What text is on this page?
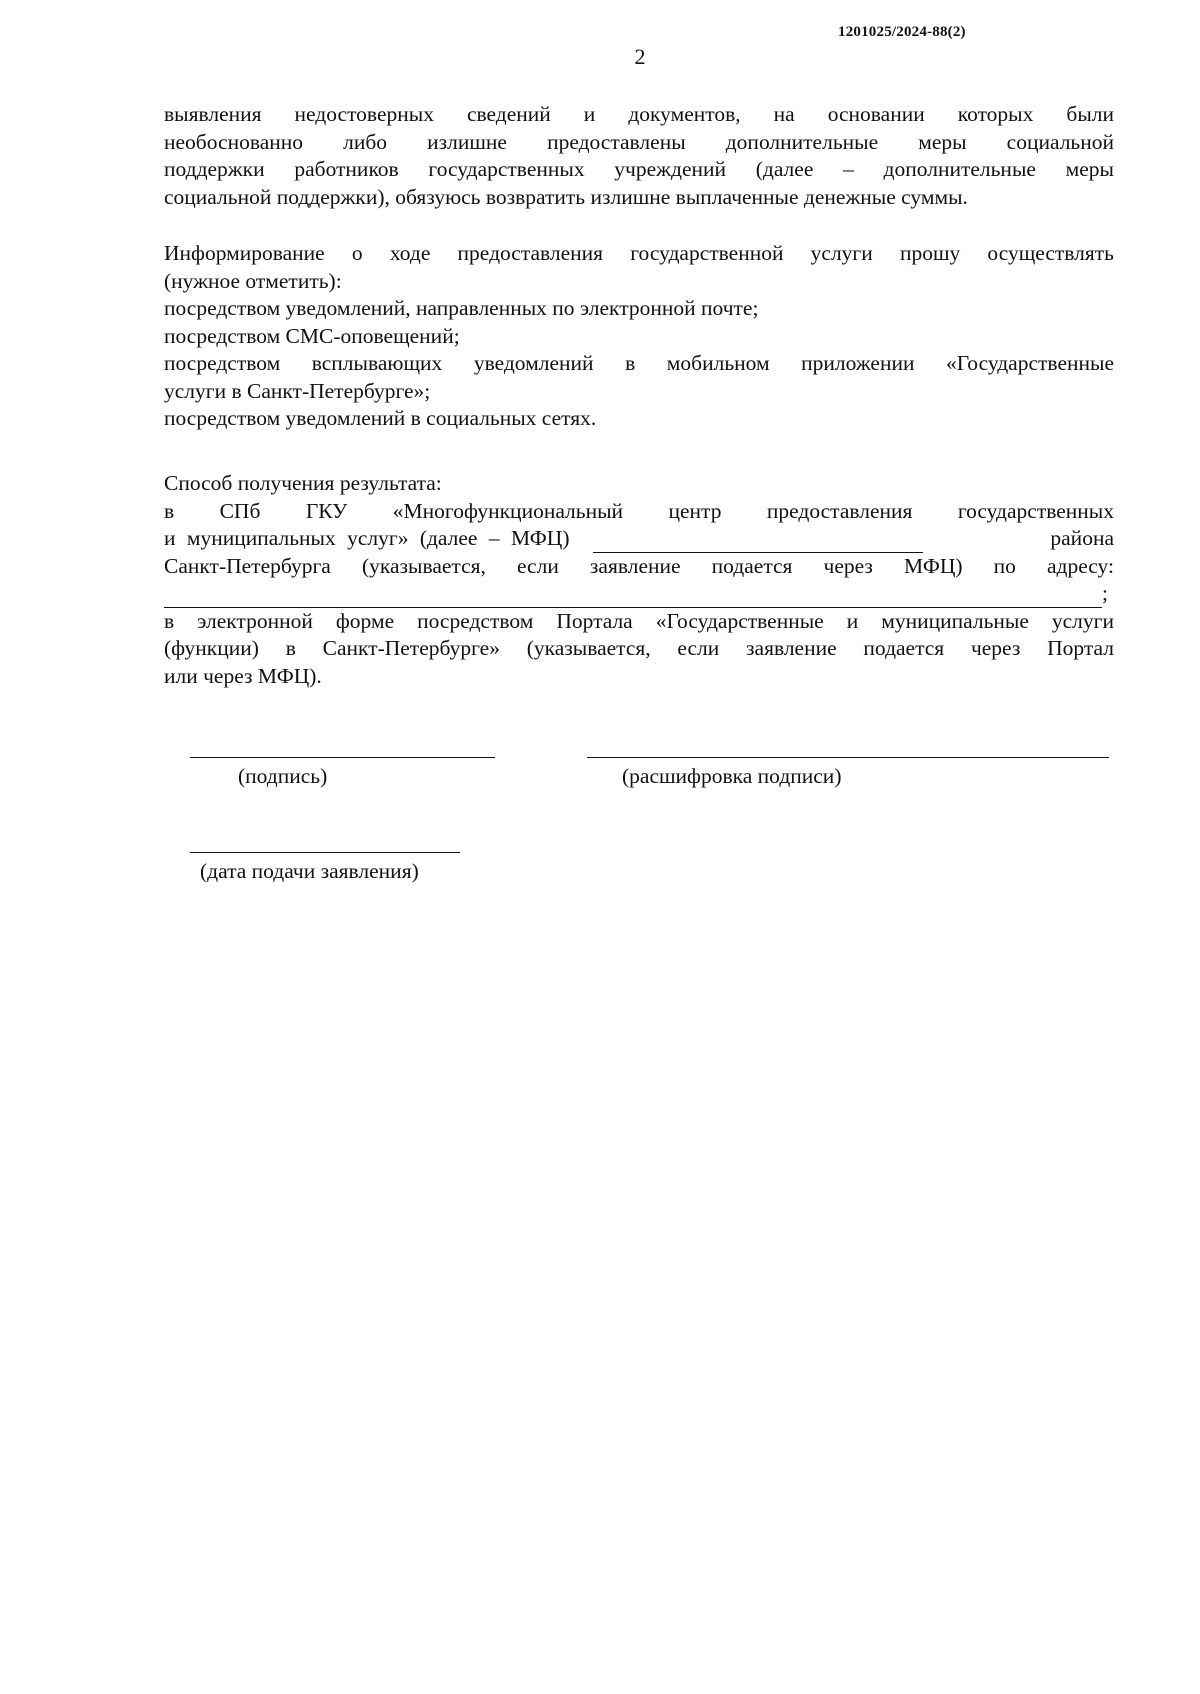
1201025/2024-88(2)
2

выявления недостоверных сведений и документов, на основании которых были

необоснованно либо излишне предоставлены дополнительные меры социальной

поддержки работников государственных учреждений (далее – дополнительные меры

социальной поддержки), обязуюсь возвратить излишне выплаченные денежные суммы.

Информирование о ходе предоставления государственной услуги прошу осуществлять

(нужное отметить):

посредством уведомлений, направленных по электронной почте;

посредством СМС-оповещений;

посредством всплывающих уведомлений в мобильном приложении «Государственные

услуги в Санкт-Петербурге»;

посредством уведомлений в социальных сетях.

Способ получения результата:

в СПб ГКУ «Многофункциональный центр предоставления государственных

и муниципальных услуг» (далее – МФЦ)	района

Санкт-Петербурга (указывается, если заявление подается через МФЦ) по адресу:

;

в электронной форме посредством Портала «Государственные и муниципальные услуги

(функции) в Санкт-Петербурге» (указывается, если заявление подается через Портал

или через МФЦ).

(подпись)	(расшифровка подписи)
(дата подачи заявления)
